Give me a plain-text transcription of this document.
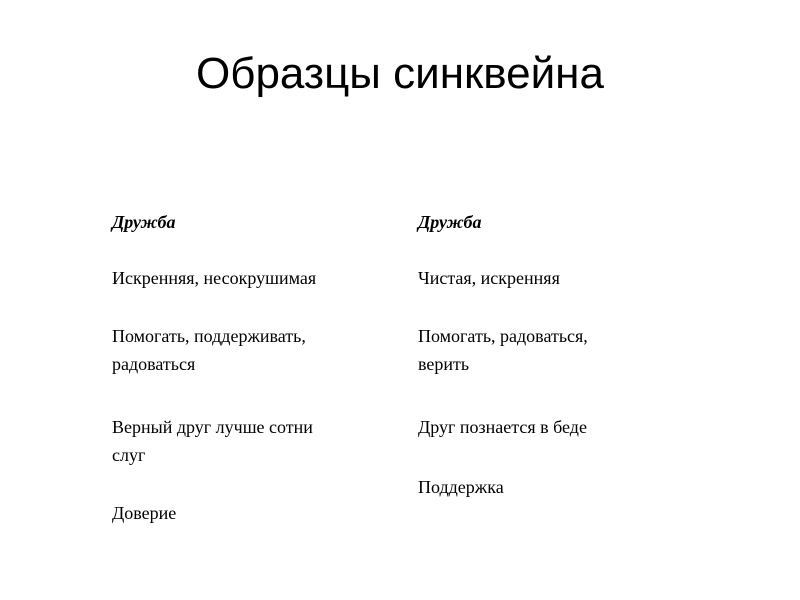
Образцы синквейна
Дружба
Искренняя, несокрушимая
Помогать, поддерживать,
радоваться
Верный друг лучше сотни
слуг
Доверие
Дружба
Чистая, искренняя
Помогать, радоваться,
верить
Друг познается в беде
Поддержка
